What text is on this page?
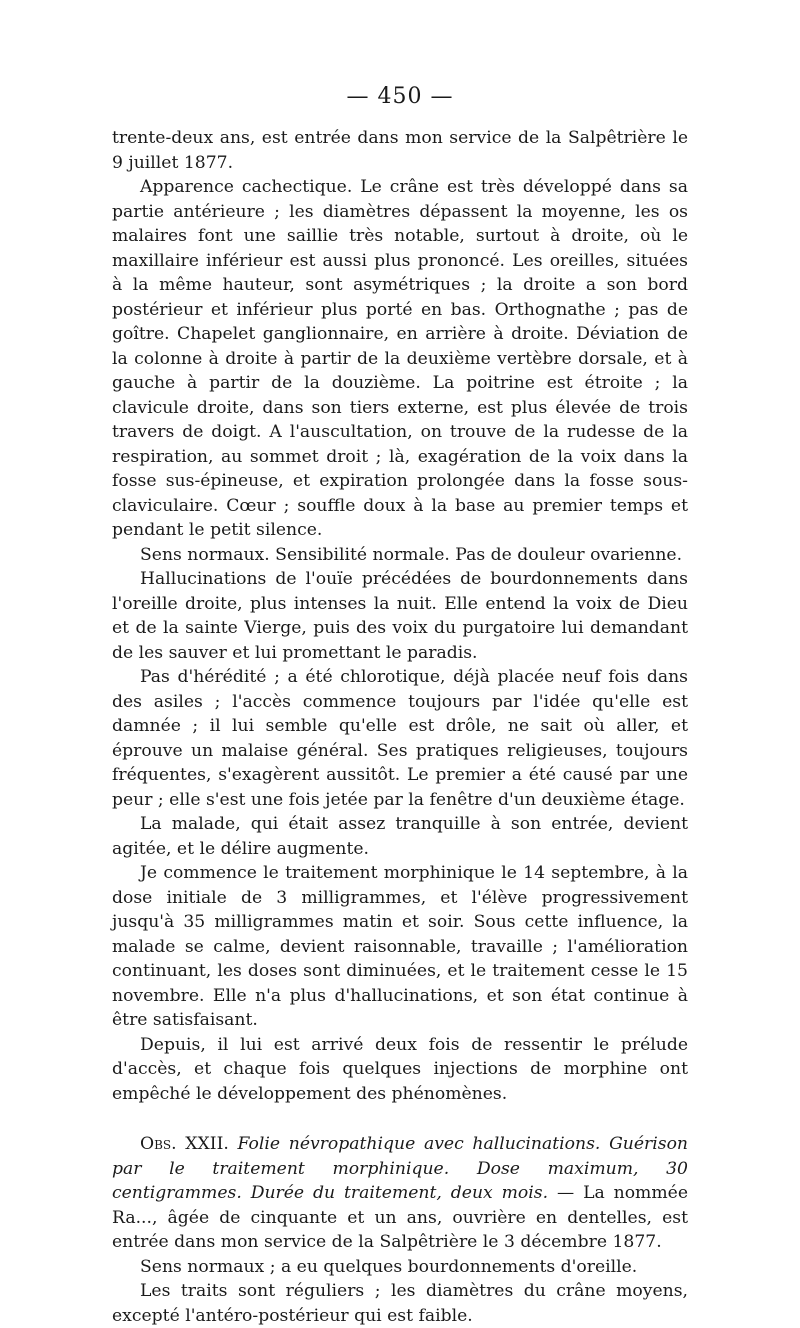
— 450 —

trente-deux ans, est entrée dans mon service de la Salpêtrière le 9 juillet 1877.

Apparence cachectique. Le crâne est très développé dans sa partie antérieure ; les diamètres dépassent la moyenne, les os malaires font une saillie très notable, surtout à droite, où le maxillaire inférieur est aussi plus prononcé. Les oreilles, situées à la même hauteur, sont asymétriques ; la droite a son bord postérieur et inférieur plus porté en bas. Orthognathe ; pas de goître. Chapelet ganglionnaire, en arrière à droite. Déviation de la colonne à droite à partir de la deuxième vertèbre dorsale, et à gauche à partir de la douzième. La poitrine est étroite ; la clavicule droite, dans son tiers externe, est plus élevée de trois travers de doigt. A l'auscultation, on trouve de la rudesse de la respiration, au sommet droit ; là, exagération de la voix dans la fosse sus-épineuse, et expiration prolongée dans la fosse sous-claviculaire. Cœur ; souffle doux à la base au premier temps et pendant le petit silence.

Sens normaux. Sensibilité normale. Pas de douleur ovarienne.

Hallucinations de l'ouïe précédées de bourdonnements dans l'oreille droite, plus intenses la nuit. Elle entend la voix de Dieu et de la sainte Vierge, puis des voix du purgatoire lui demandant de les sauver et lui promettant le paradis.

Pas d'hérédité ; a été chlorotique, déjà placée neuf fois dans des asiles ; l'accès commence toujours par l'idée qu'elle est damnée ; il lui semble qu'elle est drôle, ne sait où aller, et éprouve un malaise général. Ses pratiques religieuses, toujours fréquentes, s'exagèrent aussitôt. Le premier a été causé par une peur ; elle s'est une fois jetée par la fenêtre d'un deuxième étage.

La malade, qui était assez tranquille à son entrée, devient agitée, et le délire augmente.

Je commence le traitement morphinique le 14 septembre, à la dose initiale de 3 milligrammes, et l'élève progressivement jusqu'à 35 milligrammes matin et soir. Sous cette influence, la malade se calme, devient raisonnable, travaille ; l'amélioration continuant, les doses sont diminuées, et le traitement cesse le 15 novembre. Elle n'a plus d'hallucinations, et son état continue à être satisfaisant.

Depuis, il lui est arrivé deux fois de ressentir le prélude d'accès, et chaque fois quelques injections de morphine ont empêché le développement des phénomènes.

Obs. XXII. Folie névropathique avec hallucinations. Guérison par le traitement morphinique. Dose maximum, 30 centigrammes. Durée du traitement, deux mois. — La nommée Ra..., âgée de cinquante et un ans, ouvrière en dentelles, est entrée dans mon service de la Salpêtrière le 3 décembre 1877.

Sens normaux ; a eu quelques bourdonnements d'oreille.

Les traits sont réguliers ; les diamètres du crâne moyens, excepté l'antéro-postérieur qui est faible.
